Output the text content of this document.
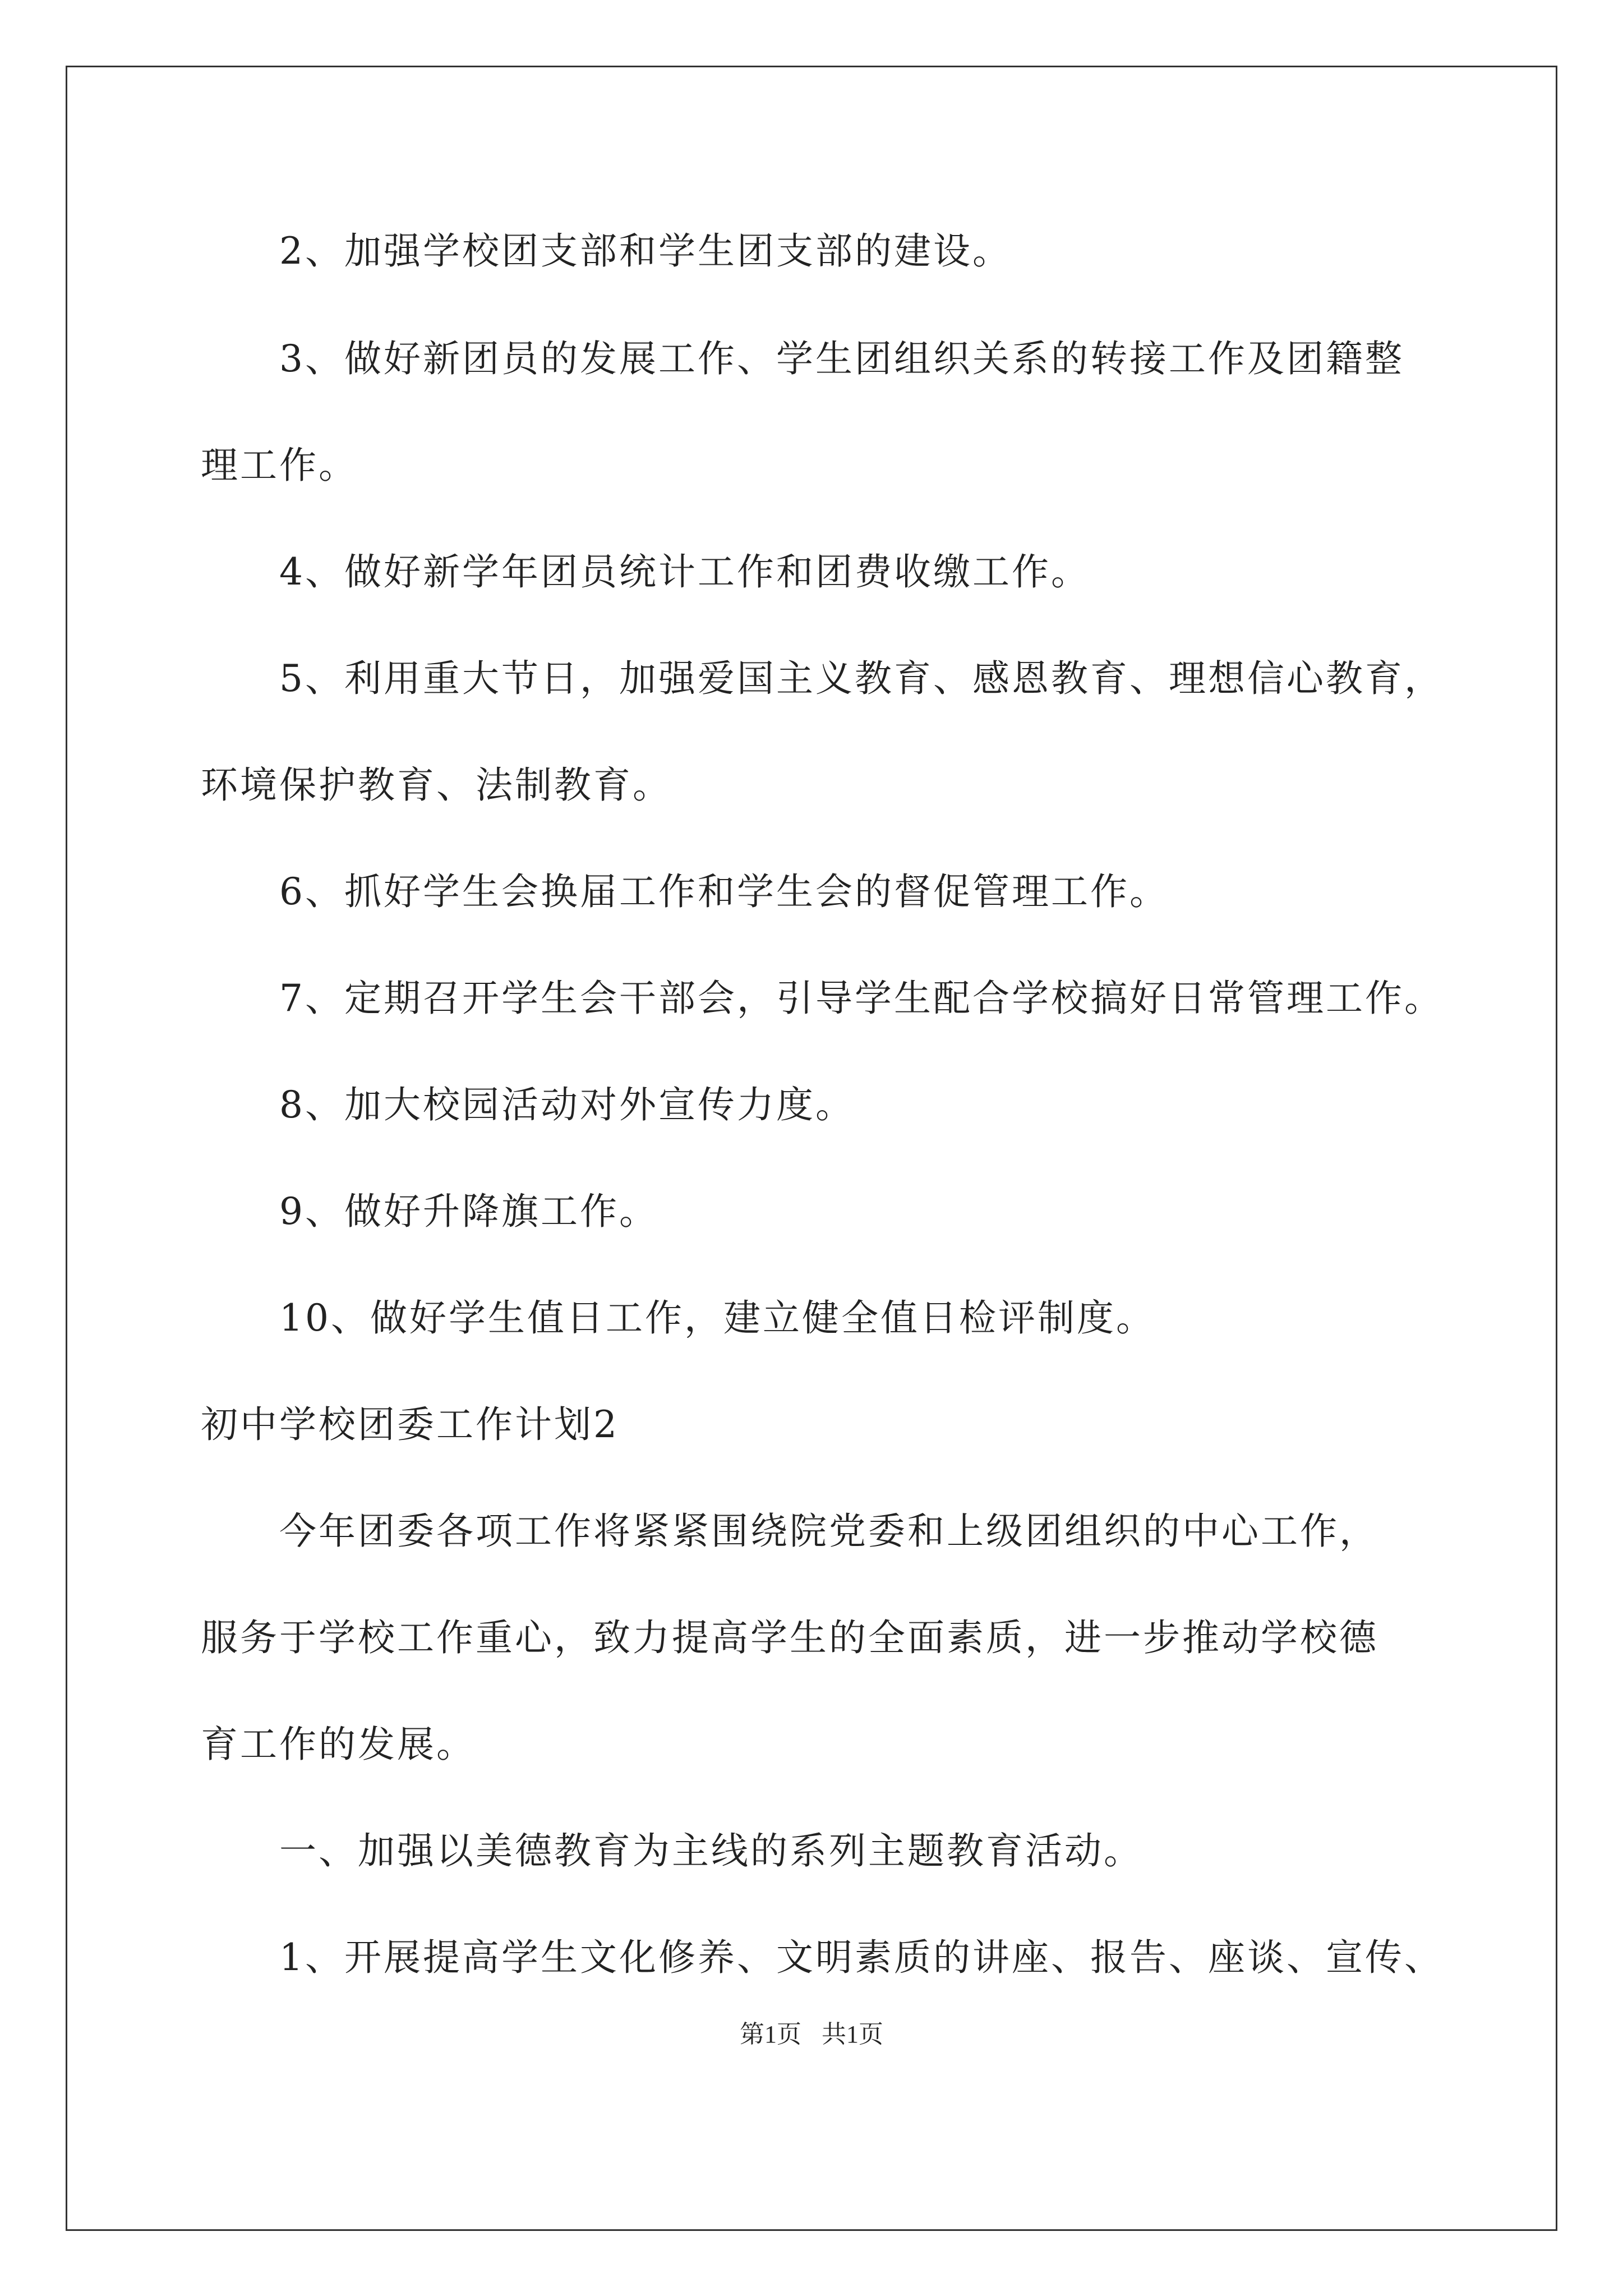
2、加强学校团支部和学生团支部的建设。
3、做好新团员的发展工作、学生团组织关系的转接工作及团籍整
理工作。
4、做好新学年团员统计工作和团费收缴工作。
5、利用重大节日，加强爱国主义教育、感恩教育、理想信心教育，
环境保护教育、法制教育。
6、抓好学生会换届工作和学生会的督促管理工作。
7、定期召开学生会干部会，引导学生配合学校搞好日常管理工作。
8、加大校园活动对外宣传力度。
9、做好升降旗工作。
10、做好学生值日工作，建立健全值日检评制度。
初中学校团委工作计划2
今年团委各项工作将紧紧围绕院党委和上级团组织的中心工作，
服务于学校工作重心，致力提高学生的全面素质，进一步推动学校德
育工作的发展。
一、加强以美德教育为主线的系列主题教育活动。
1、开展提高学生文化修养、文明素质的讲座、报告、座谈、宣传、
第1页 共1页
